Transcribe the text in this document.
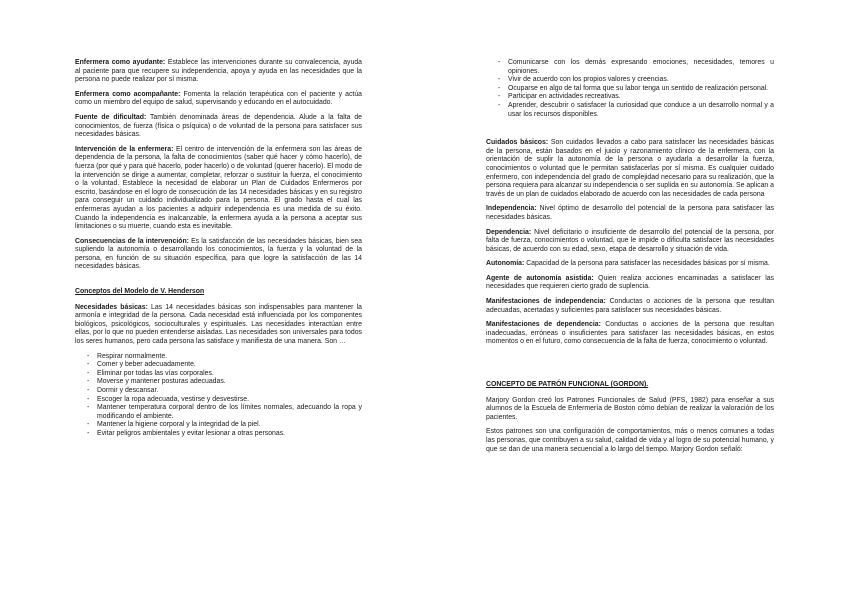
Enfermera como ayudante: Establece las intervenciones durante su convalecencia, ayuda al paciente para que recupere su independencia, apoya y ayuda en las necesidades que la persona no puede realizar por sí misma.

Enfermera como acompañante: Fomenta la relación terapéutica con el paciente y actúa como un miembro del equipo de salud, supervisando y educando en el autocuidado.

Fuente de dificultad: También denominada áreas de dependencia. Alude a la falta de conocimientos, de fuerza (física o psíquica) o de voluntad de la persona para satisfacer sus necesidades básicas.

Intervención de la enfermera: El centro de intervención de la enfermera son las áreas de dependencia de la persona, la falta de conocimientos (saber qué hacer y cómo hacerlo), de fuerza (por qué y para qué hacerlo, poder hacerlo) o de voluntad (querer hacerlo). El modo de la intervención se dirige a aumentar, completar, reforzar o sustituir la fuerza, el conocimiento o la voluntad. Establece la necesidad de elaborar un Plan de Cuidados Enfermeros por escrito, basándose en el logro de consecución de las 14 necesidades básicas y en su registro para conseguir un cuidado individualizado para la persona. El grado hasta el cual las enfermeras ayudan a los pacientes a adquirir independencia es una medida de su éxito. Cuando la independencia es inalcanzable, la enfermera ayuda a la persona a aceptar sus limitaciones o su muerte, cuando esta es inevitable.

Consecuencias de la intervención: Es la satisfacción de las necesidades básicas, bien sea supliendo la autonomía o desarrollando los conocimientos, la fuerza y la voluntad de la persona, en función de su situación específica, para que logre la satisfacción de las 14 necesidades básicas.

Conceptos del Modelo de V. Henderson

Necesidades básicas: Las 14 necesidades básicas son indispensables para mantener la armonía e integridad de la persona. Cada necesidad está influenciada por los componentes biológicos, psicológicos, socioculturales y espirituales. Las necesidades interactúan entre ellas, por lo que no pueden entenderse aisladas. Las necesidades son universales para todos los seres humanos, pero cada persona las satisface y manifiesta de una manera. Son …

- Respirar normalmente.
- Comer y beber adecuadamente.
- Eliminar por todas las vías corporales.
- Moverse y mantener posturas adecuadas.
- Dormir y descansar.
- Escoger la ropa adecuada, vestirse y desvestirse.
- Mantener temperatura corporal dentro de los límites normales, adecuando la ropa y modificando el ambiente.
- Mantener la higiene corporal y la integridad de la piel.
- Evitar peligros ambientales y evitar lesionar a otras personas.
- Comunicarse con los demás expresando emociones, necesidades, temores u opiniones.
- Vivir de acuerdo con los propios valores y creencias.
- Ocuparse en algo de tal forma que su labor tenga un sentido de realización personal.
- Participar en actividades recreativas.
- Aprender, descubrir o satisfacer la curiosidad que conduce a un desarrollo normal y a usar los recursos disponibles.

Cuidados básicos: Son cuidados llevados a cabo para satisfacer las necesidades básicas de la persona, están basados en el juicio y razonamiento clínico de la enfermera, con la orientación de suplir la autonomía de la persona o ayudarla a desarrollar la fuerza, conocimientos o voluntad que le permitan satisfacerlas por sí misma. Es cualquier cuidado enfermero, con independencia del grado de complejidad necesario para su realización, que la persona requiera para alcanzar su independencia o ser suplida en su autonomía. Se aplican a través de un plan de cuidados elaborado de acuerdo con las necesidades de cada persona

Independencia: Nivel óptimo de desarrollo del potencial de la persona para satisfacer las necesidades básicas.

Dependencia: Nivel deficitario o insuficiente de desarrollo del potencial de la persona, por falta de fuerza, conocimientos o voluntad, que le impide o dificulta satisfacer las necesidades básicas, de acuerdo con su edad, sexo, etapa de desarrollo y situación de vida.

Autonomía: Capacidad de la persona para satisfacer las necesidades básicas por sí misma.

Agente de autonomía asistida: Quien realiza acciones encaminadas a satisfacer las necesidades que requieren cierto grado de suplencia.

Manifestaciones de independencia: Conductas o acciones de la persona que resultan adecuadas, acertadas y suficientes para satisfacer sus necesidades básicas.

Manifestaciones de dependencia: Conductas o acciones de la persona que resultan inadecuadas, erróneas o insuficientes para satisfacer las necesidades básicas, en estos momentos o en el futuro, como consecuencia de la falta de fuerza, conocimiento o voluntad.

CONCEPTO DE PATRÓN FUNCIONAL (GORDON).

Marjory Gordon creó los Patrones Funcionales de Salud (PFS, 1982) para enseñar a sus alumnos de la Escuela de Enfermería de Boston cómo debían de realizar la valoración de los pacientes.

Estos patrones son una configuración de comportamientos, más o menos comunes a todas las personas, que contribuyen a su salud, calidad de vida y al logro de su potencial humano, y que se dan de una manera secuencial a lo largo del tiempo. Marjory Gordon señaló:
